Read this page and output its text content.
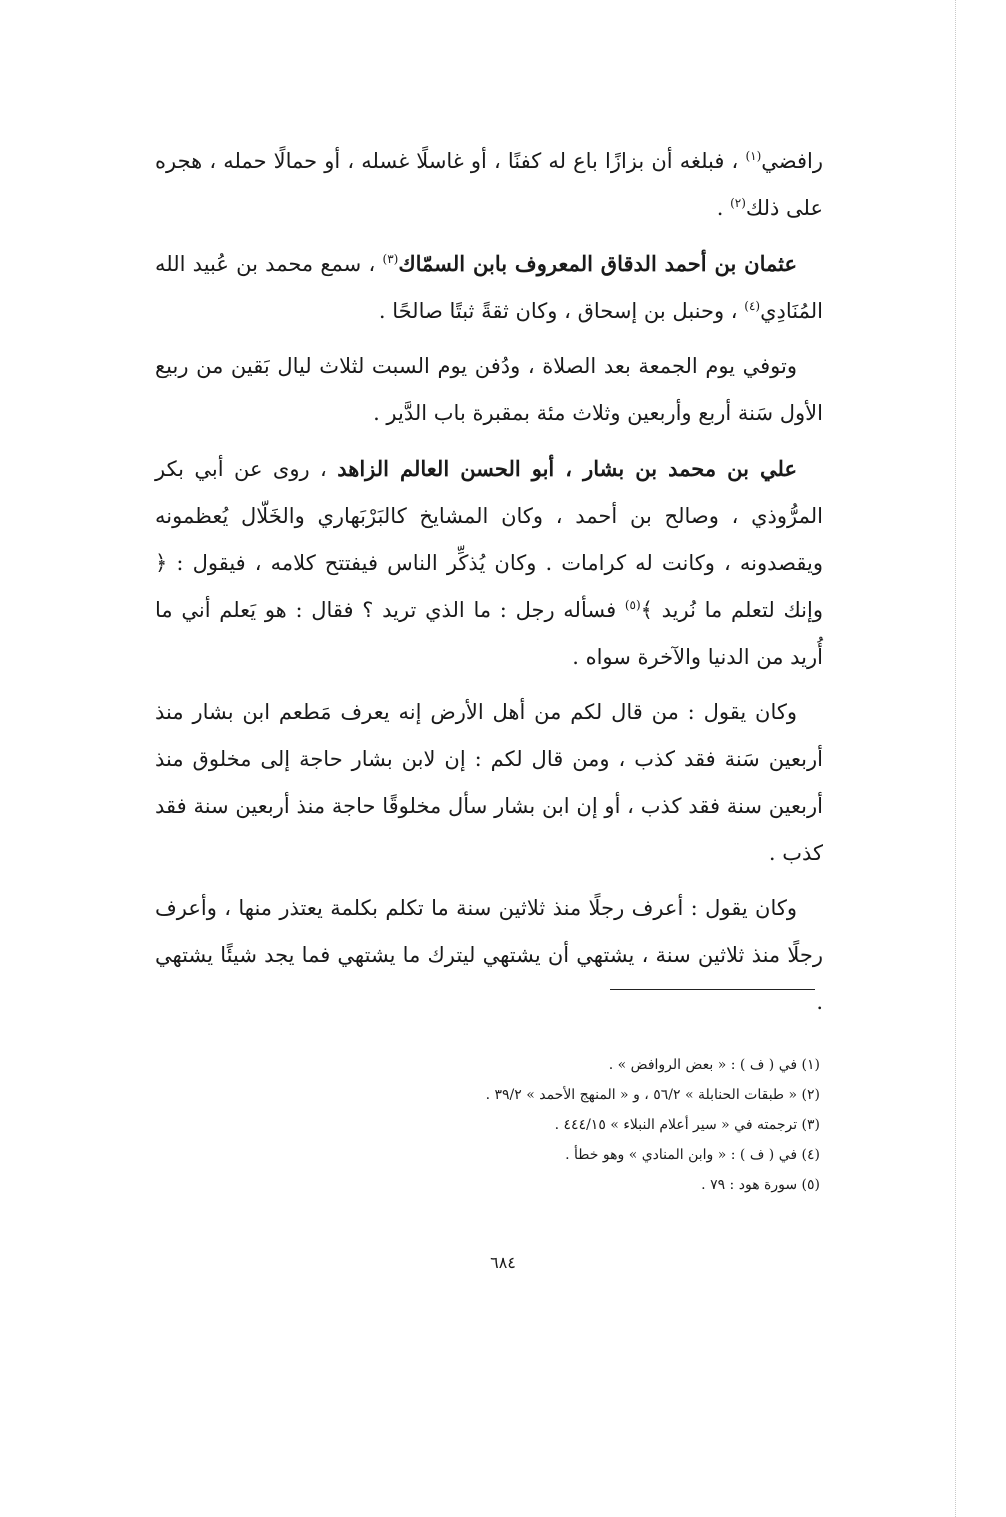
رافضي$^{(١)}$ ، فبلغه أن بزازًا باع له كفنًا ، أو غاسلًا غسله ، أو حمالًا حمله ، هجره على ذلك$^{(٢)}$ .

عثمان بن أحمد الدقاق المعروف بابن السمّاك$^{(٣)}$ ، سمع محمد بن عُبيد الله المُنَادِي$^{(٤)}$ ، وحنبل بن إسحاق ، وكان ثقةً ثبتًا صالحًا .

وتوفي يوم الجمعة بعد الصلاة ، ودُفن يوم السبت لثلاث ليال بَقين من ربيع الأول سَنة أربع وأربعين وثلاث مئة بمقبرة باب الدَّير .

علي بن محمد بن بشار ، أبو الحسن العالم الزاهد ، روى عن أبي بكر المرُّوذي ، وصالح بن أحمد ، وكان المشايخ كالبَرْبَهاري والخَلّال يُعظمونه ويقصدونه ، وكانت له كرامات . وكان يُذكِّر الناس فيفتتح كلامه ، فيقول : ﴿ وإنك لتعلم ما نُريد ﴾$^{(٥)}$ فسأله رجل : ما الذي تريد ؟ فقال : هو يَعلم أني ما أُريد من الدنيا والآخرة سواه .

وكان يقول : من قال لكم من أهل الأرض إنه يعرف مَطعم ابن بشار منذ أربعين سَنة فقد كذب ، ومن قال لكم : إن لابن بشار حاجة إلى مخلوق منذ أربعين سنة فقد كذب ، أو إن ابن بشار سأل مخلوقًا حاجة منذ أربعين سنة فقد كذب .

وكان يقول : أعرف رجلًا منذ ثلاثين سنة ما تكلم بكلمة يعتذر منها ، وأعرف رجلًا منذ ثلاثين سنة ، يشتهي أن يشتهي ليترك ما يشتهي فما يجد شيئًا يشتهي .

(١) في ( ف ) : « بعض الروافض » .

(٢) « طبقات الحنابلة » ٥٦/٢ ، و « المنهج الأحمد » ٣٩/٢ .

(٣) ترجمته في « سير أعلام النبلاء » ٤٤٤/١٥ .

(٤) في ( ف ) : « وابن المنادي » وهو خطأ .

(٥) سورة هود : ٧٩ .

٦٨٤
